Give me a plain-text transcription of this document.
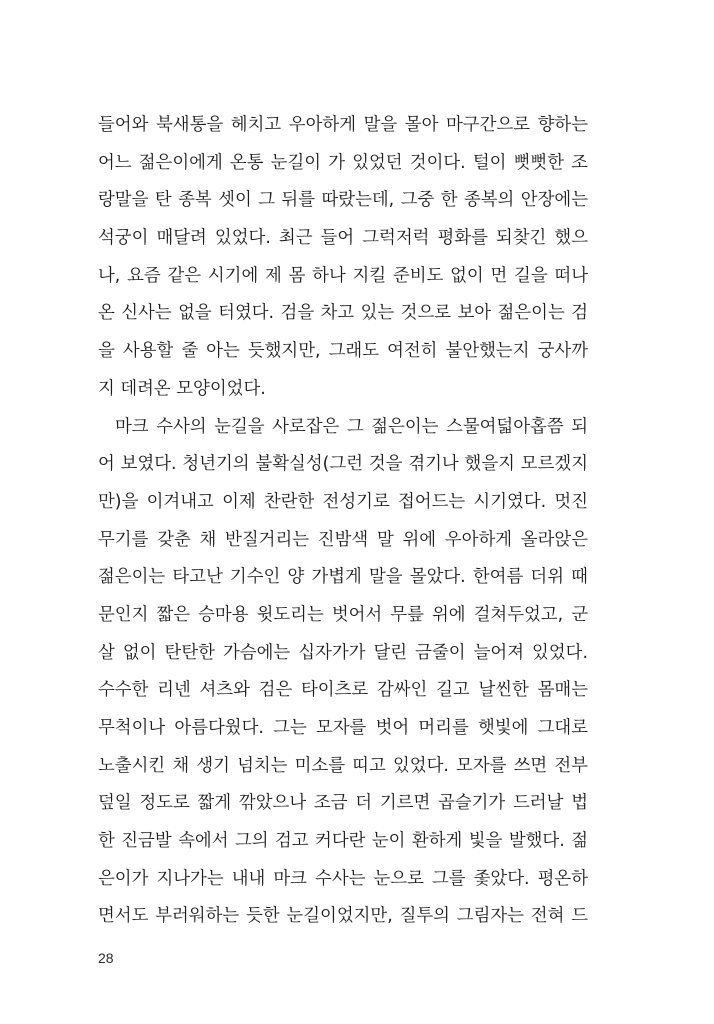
들어와 북새통을 헤치고 우아하게 말을 몰아 마구간으로 향하는
어느 젊은이에게 온통 눈길이 가 있었던 것이다. 털이 뻣뻣한 조
랑말을 탄 종복 셋이 그 뒤를 따랐는데, 그중 한 종복의 안장에는
석궁이 매달려 있었다. 최근 들어 그럭저럭 평화를 되찾긴 했으
나, 요즘 같은 시기에 제 몸 하나 지킬 준비도 없이 먼 길을 떠나
온 신사는 없을 터였다. 검을 차고 있는 것으로 보아 젊은이는 검
을 사용할 줄 아는 듯했지만, 그래도 여전히 불안했는지 궁사까
지 데려온 모양이었다.
마크 수사의 눈길을 사로잡은 그 젊은이는 스물여덟아홉쯤 되
어 보였다. 청년기의 불확실성(그런 것을 겪기나 했을지 모르겠지
만)을 이겨내고 이제 찬란한 전성기로 접어드는 시기였다. 멋진
무기를 갖춘 채 반질거리는 진밤색 말 위에 우아하게 올라앉은
젊은이는 타고난 기수인 양 가볍게 말을 몰았다. 한여름 더위 때
문인지 짧은 승마용 윗도리는 벗어서 무릎 위에 걸쳐두었고, 군
살 없이 탄탄한 가슴에는 십자가가 달린 금줄이 늘어져 있었다.
수수한 리넨 셔츠와 검은 타이츠로 감싸인 길고 날씬한 몸매는
무척이나 아름다웠다. 그는 모자를 벗어 머리를 햇빛에 그대로
노출시킨 채 생기 넘치는 미소를 띠고 있었다. 모자를 쓰면 전부
덮일 정도로 짧게 깎았으나 조금 더 기르면 곱슬기가 드러날 법
한 진금발 속에서 그의 검고 커다란 눈이 환하게 빛을 발했다. 젊
은이가 지나가는 내내 마크 수사는 눈으로 그를 좇았다. 평온하
면서도 부러워하는 듯한 눈길이었지만, 질투의 그림자는 전혀 드
28
